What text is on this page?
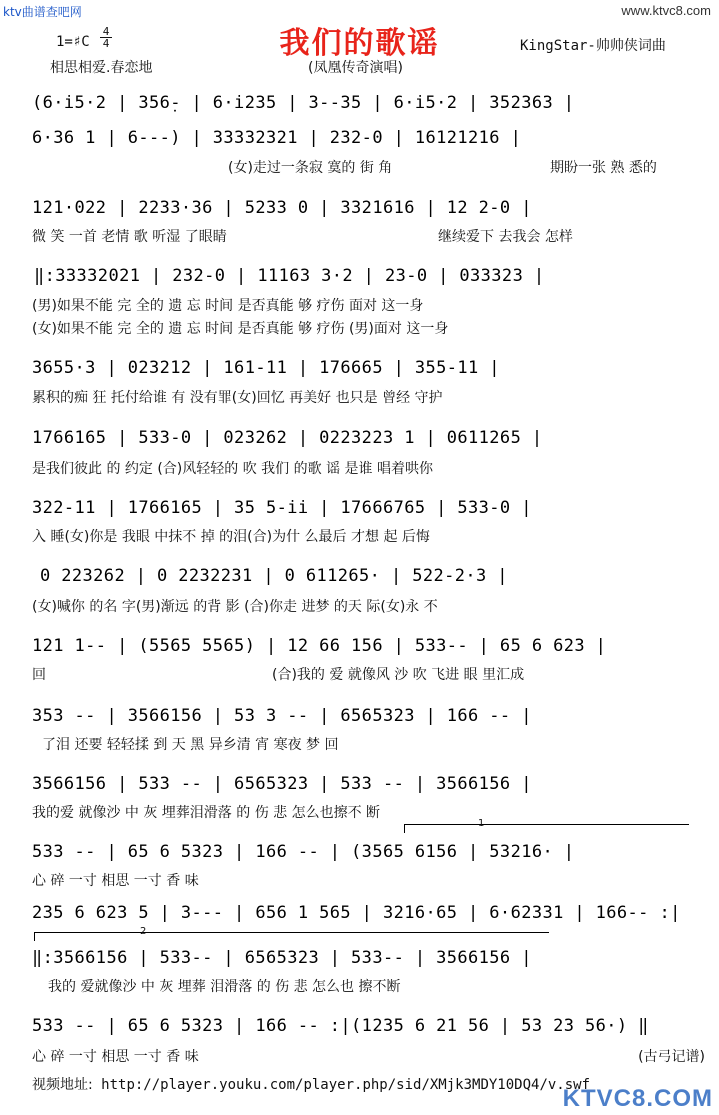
ktv曲谱查吧网	www.ktvc8.com
我们的歌谣
1=♯C
4
4	KingStar-帅帅侠词曲
相思相爱.春恋地	(凤凰传奇演唱)
(6·i5·2 | 356̣- | 6·i235 | 3--35 | 6·i5·2 | 352363 |
6·36 1 | 6---) | 33332321 | 232-0 | 16121216 |
(女)走过一条寂 寞的 街 角	期盼一张 熟 悉的
121·022 | 2233·36 | 5233 0 | 3321616 | 12 2-0 |
微 笑 一首 老情 歌 听湿 了眼睛	继续爱下 去我会 怎样
‖:33332021 | 232-0 | 11163 3·2 | 23-0 | 033323 |
(男)如果不能 完 全的 遗 忘 时间 是否真能 够 疗伤 面对 这一身
(女)如果不能 完 全的 遗 忘 时间 是否真能 够 疗伤 (男)面对 这一身
3655·3 | 023212 | 161-11 | 176665 | 355-11 |
累积的痴 狂 托付给谁 有 没有罪(女)回忆 再美好 也只是 曾经 守护
1766165 | 533-0 | 023262 | 0223223 1 | 0611265 |
是我们彼此 的 约定 (合)风轻轻的 吹 我们 的歌 谣 是谁 唱着哄你
322-11 | 1766165 | 35 5-ii | 17666765 | 533-0 |
入 睡(女)你是 我眼 中抹不 掉 的泪(合)为什 么最后 才想 起 后悔
0 223262 | 0 2232231 | 0 611265· | 522-2·3 |
(女)喊你 的名 字(男)渐远 的背 影 (合)你走 进梦 的天 际(女)永 不
121 1-- | (5565 5565) | 12 66 156 | 533-- | 65 6 623 |
回	(合)我的 爱 就像风 沙 吹 飞进 眼 里汇成
353 -- | 3566156 | 53 3 -- | 6565323 | 166 -- |
了泪 还要 轻轻揉 到 天 黑 异乡清 宵 寒夜 梦 回
3566156 | 533 -- | 6565323 | 533 -- | 3566156 |
我的爱 就像沙 中 灰 埋葬泪滑落 的 伤 悲 怎么也擦不 断
1
533 -- | 65 6 5323 | 166 -- | (3565 6156 | 53216· |
心 碎 一寸 相思 一寸 香 味
235 6 623 5 | 3--- | 656 1 565 | 3216·65 | 6·62331 | 166-- :|
2
‖:3566156 | 533-- | 6565323 | 533-- | 3566156 |
我的 爱就像沙 中 灰 埋葬 泪滑落 的 伤 悲 怎么也 擦不断
533 -- | 65 6 5323 | 166 -- :|(1235 6 21 56 | 53 23 56·) ‖
心 碎 一寸 相思 一寸 香 味	(古弓记谱)
视频地址: http://player.youku.com/player.php/sid/XMjk3MDY10DQ4/v.swf
KTVC8.COM
